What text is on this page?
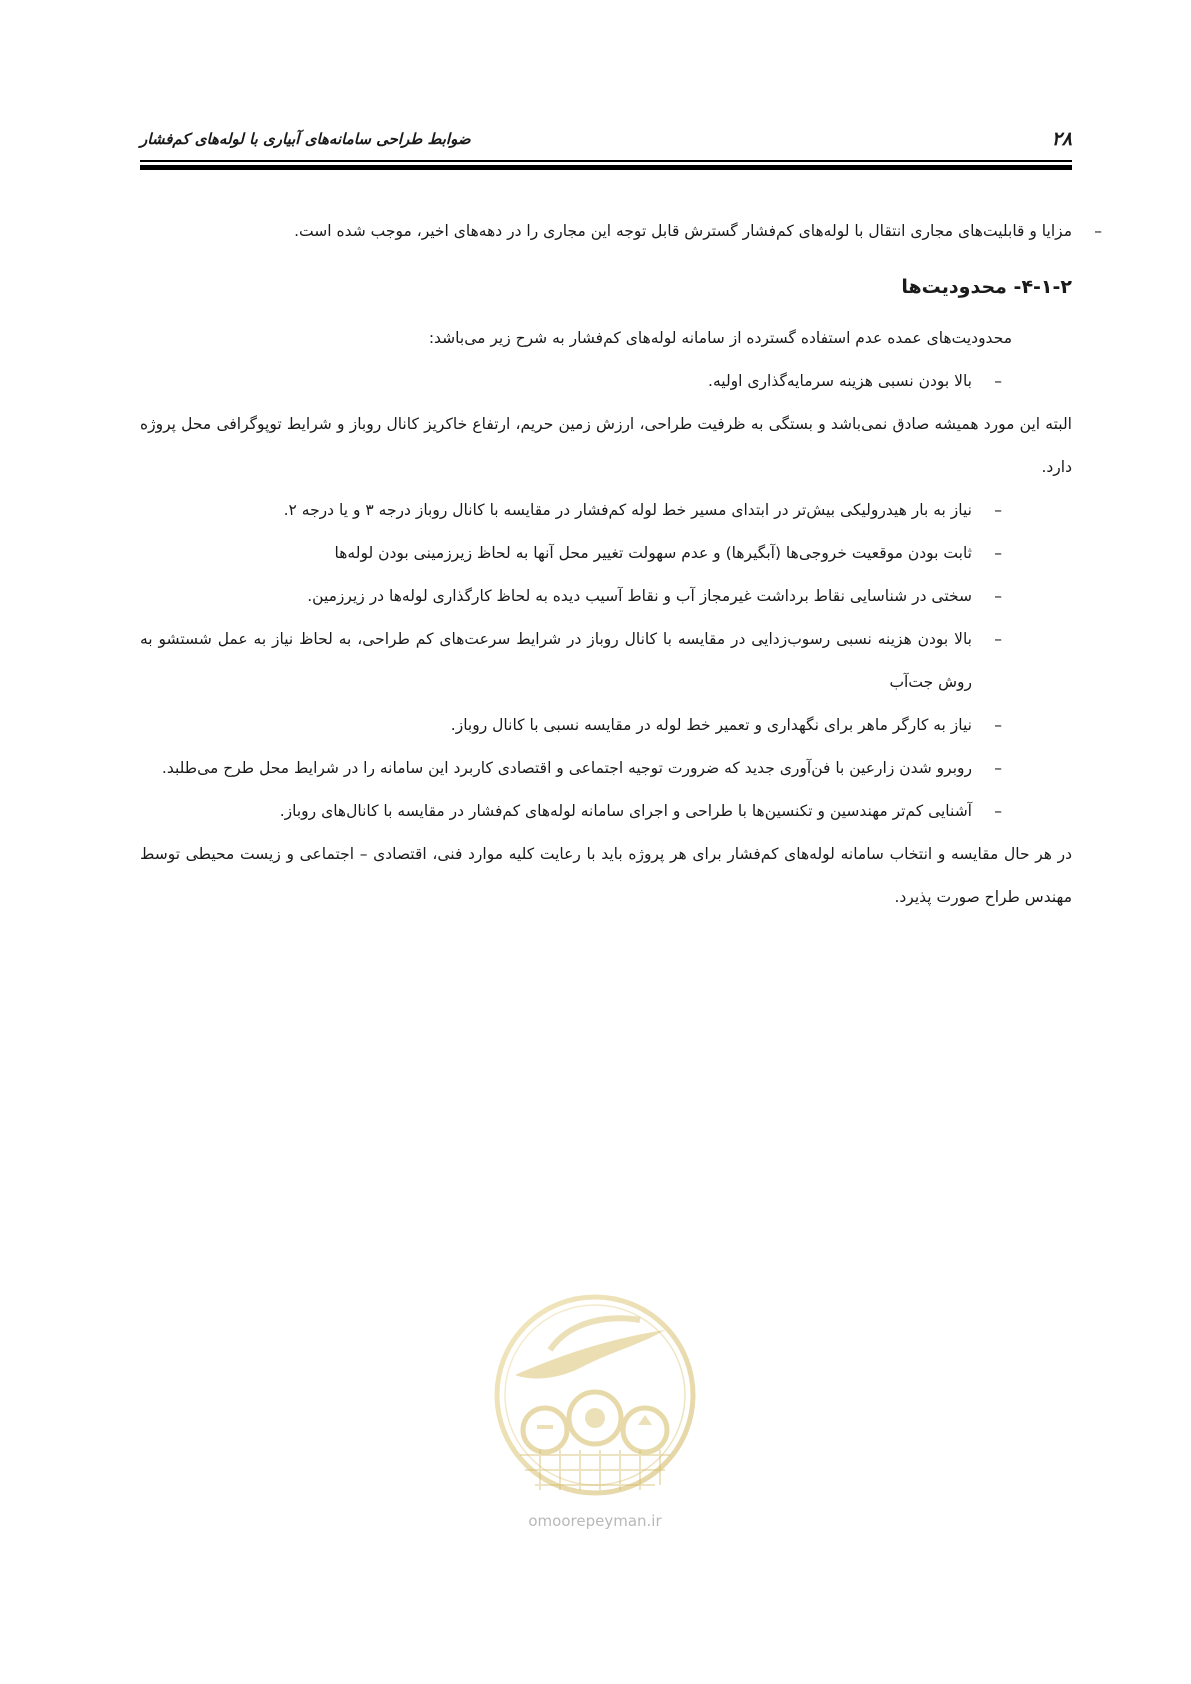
ضوابط طراحی سامانه‌های آبیاری با لوله‌های کم‌فشار	۲۸

–
مزایا و قابلیت‌های مجاری انتقال با لوله‌های کم‌فشار گسترش قابل توجه این مجاری را در دهه‌های اخیر، موجب شده است.

۴-۱-۲- محدودیت‌ها

محدودیت‌های عمده عدم استفاده گسترده از سامانه لوله‌های کم‌فشار به شرح زیر می‌باشد:

–
بالا بودن نسبی هزینه سرمایه‌گذاری اولیه.

البته این مورد همیشه صادق نمی‌باشد و بستگی به ظرفیت طراحی، ارزش زمین حریم، ارتفاع خاکریز کانال روباز و شرایط توپوگرافی محل پروژه دارد.

–
نیاز به بار هیدرولیکی بیش‌تر در ابتدای مسیر خط لوله کم‌فشار در مقایسه با کانال روباز درجه ۳ و یا درجه ۲.

–
ثابت بودن موقعیت خروجی‌ها (آبگیرها) و عدم سهولت تغییر محل آنها به لحاظ زیرزمینی بودن لوله‌ها

–
سختی در شناسایی نقاط برداشت غیرمجاز آب و نقاط آسیب دیده به لحاظ کارگذاری لوله‌ها در زیرزمین.

–
بالا بودن هزینه نسبی رسوب‌زدایی در مقایسه با کانال روباز در شرایط سرعت‌های کم طراحی، به لحاظ نیاز به عمل شستشو به روش جت‌آب

–
نیاز به کارگر ماهر برای نگهداری و تعمیر خط لوله در مقایسه نسبی با کانال روباز.

–
روبرو شدن زارعین با فن‌آوری جدید که ضرورت توجیه اجتماعی و اقتصادی کاربرد این سامانه را در شرایط محل طرح می‌طلبد.

–
آشنایی کم‌تر مهندسین و تکنسین‌ها با طراحی و اجرای سامانه لوله‌های کم‌فشار در مقایسه با کانال‌های روباز.

در هر حال مقایسه و انتخاب سامانه لوله‌های کم‌فشار برای هر پروژه باید با رعایت کلیه موارد فنی، اقتصادی – اجتماعی و زیست محیطی توسط مهندس طراح صورت پذیرد.

omoorepeyman.ir
